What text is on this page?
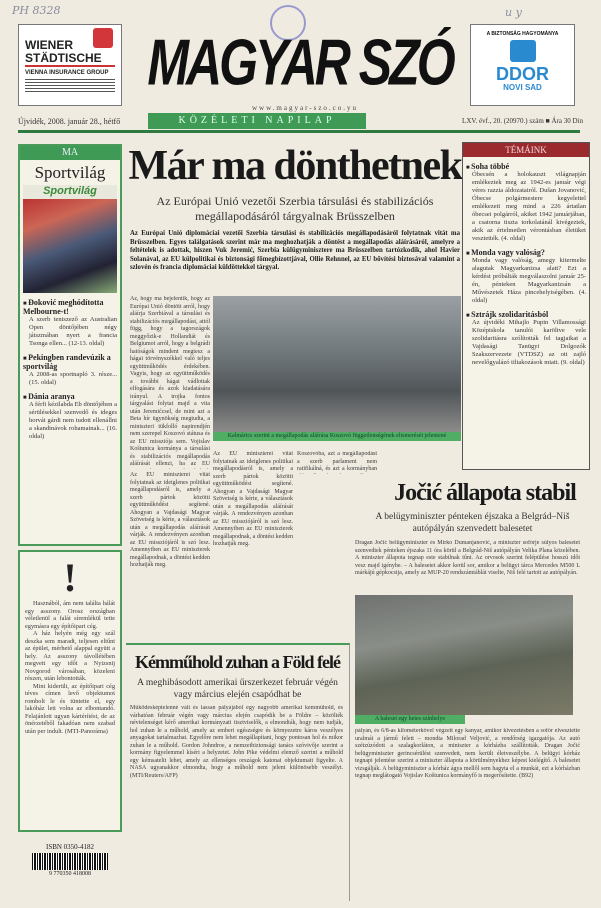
PH 8328	u y
WIENER
STÄDTISCHE
VIENNA INSURANCE GROUP MAGYAR SZÓ
www.magyar-szo.co.yu
KÖZÉLETI NAPILAP
Újvidék, 2008. január 28., hétfő	LXV. évf., 20. (20970.) szám ■ Ára 30 Din
A BIZTONSÁG HAGYOMÁNYA
DDOR
NOVI SAD
MA
Sportvilág
Sportvilág
■ Đoković meghódította Melbourne-t!
A szerb teniszező az Australian Open döntőjében négy játszmában nyert a francia Tsonga ellen... (12-13. oldal)
■ Pekingben randevúzik a sportvilág
A 2008-as sportnapló 3. része... (15. oldal)
■ Dánia aranya
A férfi kézilabda Eb döntőjében a sérülésekkel szenvedő és ideges horvát gárdi nem tudott ellenállni a skandinávok rohamainak... (16. oldal)
!

Hasznából, ám nem találta hálát egy asszony. Orosz országban véletlenül a falát síremlékül tette egymásra egy építőipari cég.

A ház helyén még egy szál deszka sem maradt, teljesen eltűnt az épület, mérhető alappal együtt a hely. Az asszony távollétében megvett egy időt a Nyizsnij Novgorod városában, közeleni részen, után lebontották.

Mint kiderült, az építőipari cég téves címen levő objektumot rombolt le és tüntette el, egy lakóház lett volna az elbontandó. Felajánlott ugyan kártérítést, de az önérzetéből fakadóan nem szabad után per indult. (MTI-Panoráma)

ISBN 0350-4182
9 770350 418008
Már ma dönthetnek
Az Európai Unió vezetői Szerbia társulási és stabilizációs megállapodásáról tárgyalnak Brüsszelben
Az Európai Unió diplomáciai vezetői Szerbia társulási és stabilizációs megállapodásáról folytatnak vitát ma Brüsszelben. Egyes találgatások szerint már ma meghozhatják a döntést a megállapodás aláírásáról, amelyre a feltételek is adottak, hiszen Vuk Jeremić, Szerbia külügyminisztere ma Brüsszelben tartózkodik, ahol Havier Solanával, az EU külpolitikai és biztonsági főmegbízottjával, Ollie Rehnnel, az EU bővítési biztosával valamint a szlovén és francia diplomáciai küldöttekkel tárgyal.
Az, hogy ma bejelentik, hogy az Európai Unió döntött arról, hogy aláírja Szerbiával a társulási és stabilizációs megállapodást, attól függ, hogy a tagországok meggyőzik-e Hollandiát és Belgiumot arról, hogy a belgrádi hatóságok mindent megtesz a hágai törvényszékkel való teljes együttműködés érdekében. Vagyis, hogy az együttműködés a további hágai vádlottak elfogására és azok kiadatására irányul. A trojka fontos tárgyalást folytat majd a vita után Jeremićcsel, de mint azt a Beta hír ügynökség megtudta, a miniszteri tükfolló napirendjén nem szerepel Koszovó státusa és az EU missziója sem. Vojislav Koštunica kormánya a társulási és stabilizációs megállapodás aláírását ellenzi, ha az EU
Kalmárics szerint a megállapodás aláírása Koszovó függetlenségének elismerését jelentené
Az EU miniszterei vitát folytatnak az ideiglenes politikai megállapodásról is, amely a szerb pártok közötti együttműködést segítené. Ahogyan a Vajdasági Magyar Szövetség is kérte, a választások után a megállapodás aláírását várják. A rendezvényen azonban az EU missziójáról is szó lesz. Amennyiben az EU miniszterek megállapodnak, a döntést kedden hozhatják meg.
Az EU miniszterei vitát folytatnak az ideiglenes politikai megállapodásról is, amely a szerb pártok közötti együttműködést segítené. Ahogyan a Vajdasági Magyar Szövetség is kérte, a választások után a megállapodás aláírását várják. A rendezvényen azonban az EU missziójáról is szó lesz. Amennyiben az EU miniszterek megállapodnak, a döntést kedden hozhatják meg.
Koszovóba, azt a megállapodást a szerb parlament nem ratifikálná, és azt a kormányban
TÉMÁINK
■ Soha többé
Óbecsén a holokauszt világnapján emlékeztek meg az 1942-es január végi véres razzia áldozatairól. Dušan Jovanović, Óbecse polgármestere kegyelettel emlékezett meg mind a 226 ártatlan óbecsei polgárról, akiket 1942 januárjában, a csatorna tiszta torkolatánál kivégeztek, akik az értelmetlen vérontásban életüket vesztették. (4. oldal)
■ Monda vagy valóság?
Monda vagy valóság, amegy kitermelte alagutak Magyarkanizsa alatt? Ezt a kérdést próbálták megválaszolni január 25-én, pénteken Magyarkanizsán a Művészetek Háza pincehelyiségében. (4. oldal)
■ Sztrájk szolidaritásból
Az újvidéki Mihajlo Pupin Villamossági Középiskola tanulói karöltve vele szolidaritásra szólították fel tagjaikat a Vajdasági Tanügyi Dolgozók Szakszervezete (VTDSZ) az ott zajló nevelőgyalázó tiltakozások miatt. (9. oldal)
Jočić állapota stabil
A belügyminiszter pénteken éjszaka a Belgrád–Niš autópályán szenvedett balesetet
Dragan Jočić belügyminiszter és Mirko Dumanjanović, a miniszter sofőrje súlyos balesetet szenvedtek pénteken éjszaka 11 óra körül a Belgrád-Niš autópályán Velika Plana közelében. A miniszter állapota tegnap este stabilnak tűnt. Az orvosok szerint felépülése hosszú időt vesz majd igénybe. – A balesetet akkor kerül sor, amikor a belügyi tárca Mercedes M500 L márkájú gépkocsija, amely az MUP-20 rendszámtáblát viselte, Niš felé tartott az autópályán.
A baleset egy hetes színhelye
pályán, és 6/8-as kilométerkővel végzett egy kanyar, amikor kivezetésben a sofőr elvesztette uralmát a jármű felett – mondta Milorad Veljović, a rendőrség igazgatója. Az autó szétzúzódott a szalagkorláton, a miniszter a kórházba szállították. Dragan Jočić belügyminiszter gerincsérülést szenvedett, nem került életveszélybe. A belügyi kórház tegnapi jelentése szerint a miniszter állapota a körülményekhez képest kielégítő. A balesetet vizsgálják. A belügyminiszter a kórház ágya mellől sem hagyta el a munkát, ezt a kórházban tegnap meglátogató Vojislav Koštunica kormányfő is megerősítette. (B92)
Kémműhold zuhan a Föld felé
A meghibásodott amerikai űrszerkezet február végén vagy március elején csapódhat be
Működésképtelenné vált és lassan pályájából egy nagyobb amerikai kémműhold, és várhatóan február végén vagy március elején csapódik be a Földre – közölték névtelenséget kérő amerikai kormányzati tisztviselők, a elmondták, hogy nem tudják, hol zuhan le a műhold, amely az emberi egészségre és környezetre káros veszélyes anyagokat tartalmazhat. Egyelőre nem lehet megállapítani, hogy pontosan hol és mikor zuhan le a műhold. Gordon Johndroe, a nemzetbiztonsági tanács szóvivője szerint a kormány figyelemmel kíséri a helyzetet. John Pike védelmi elemző szerint a műhold egy kémsatelit lehet, amely az ellenséges országok katonai objektumait figyelte. A NASA ugyanakkor elmondta, hogy a műhold nem jelent különösebb veszélyt. (MTI/Reuters/AFP)
